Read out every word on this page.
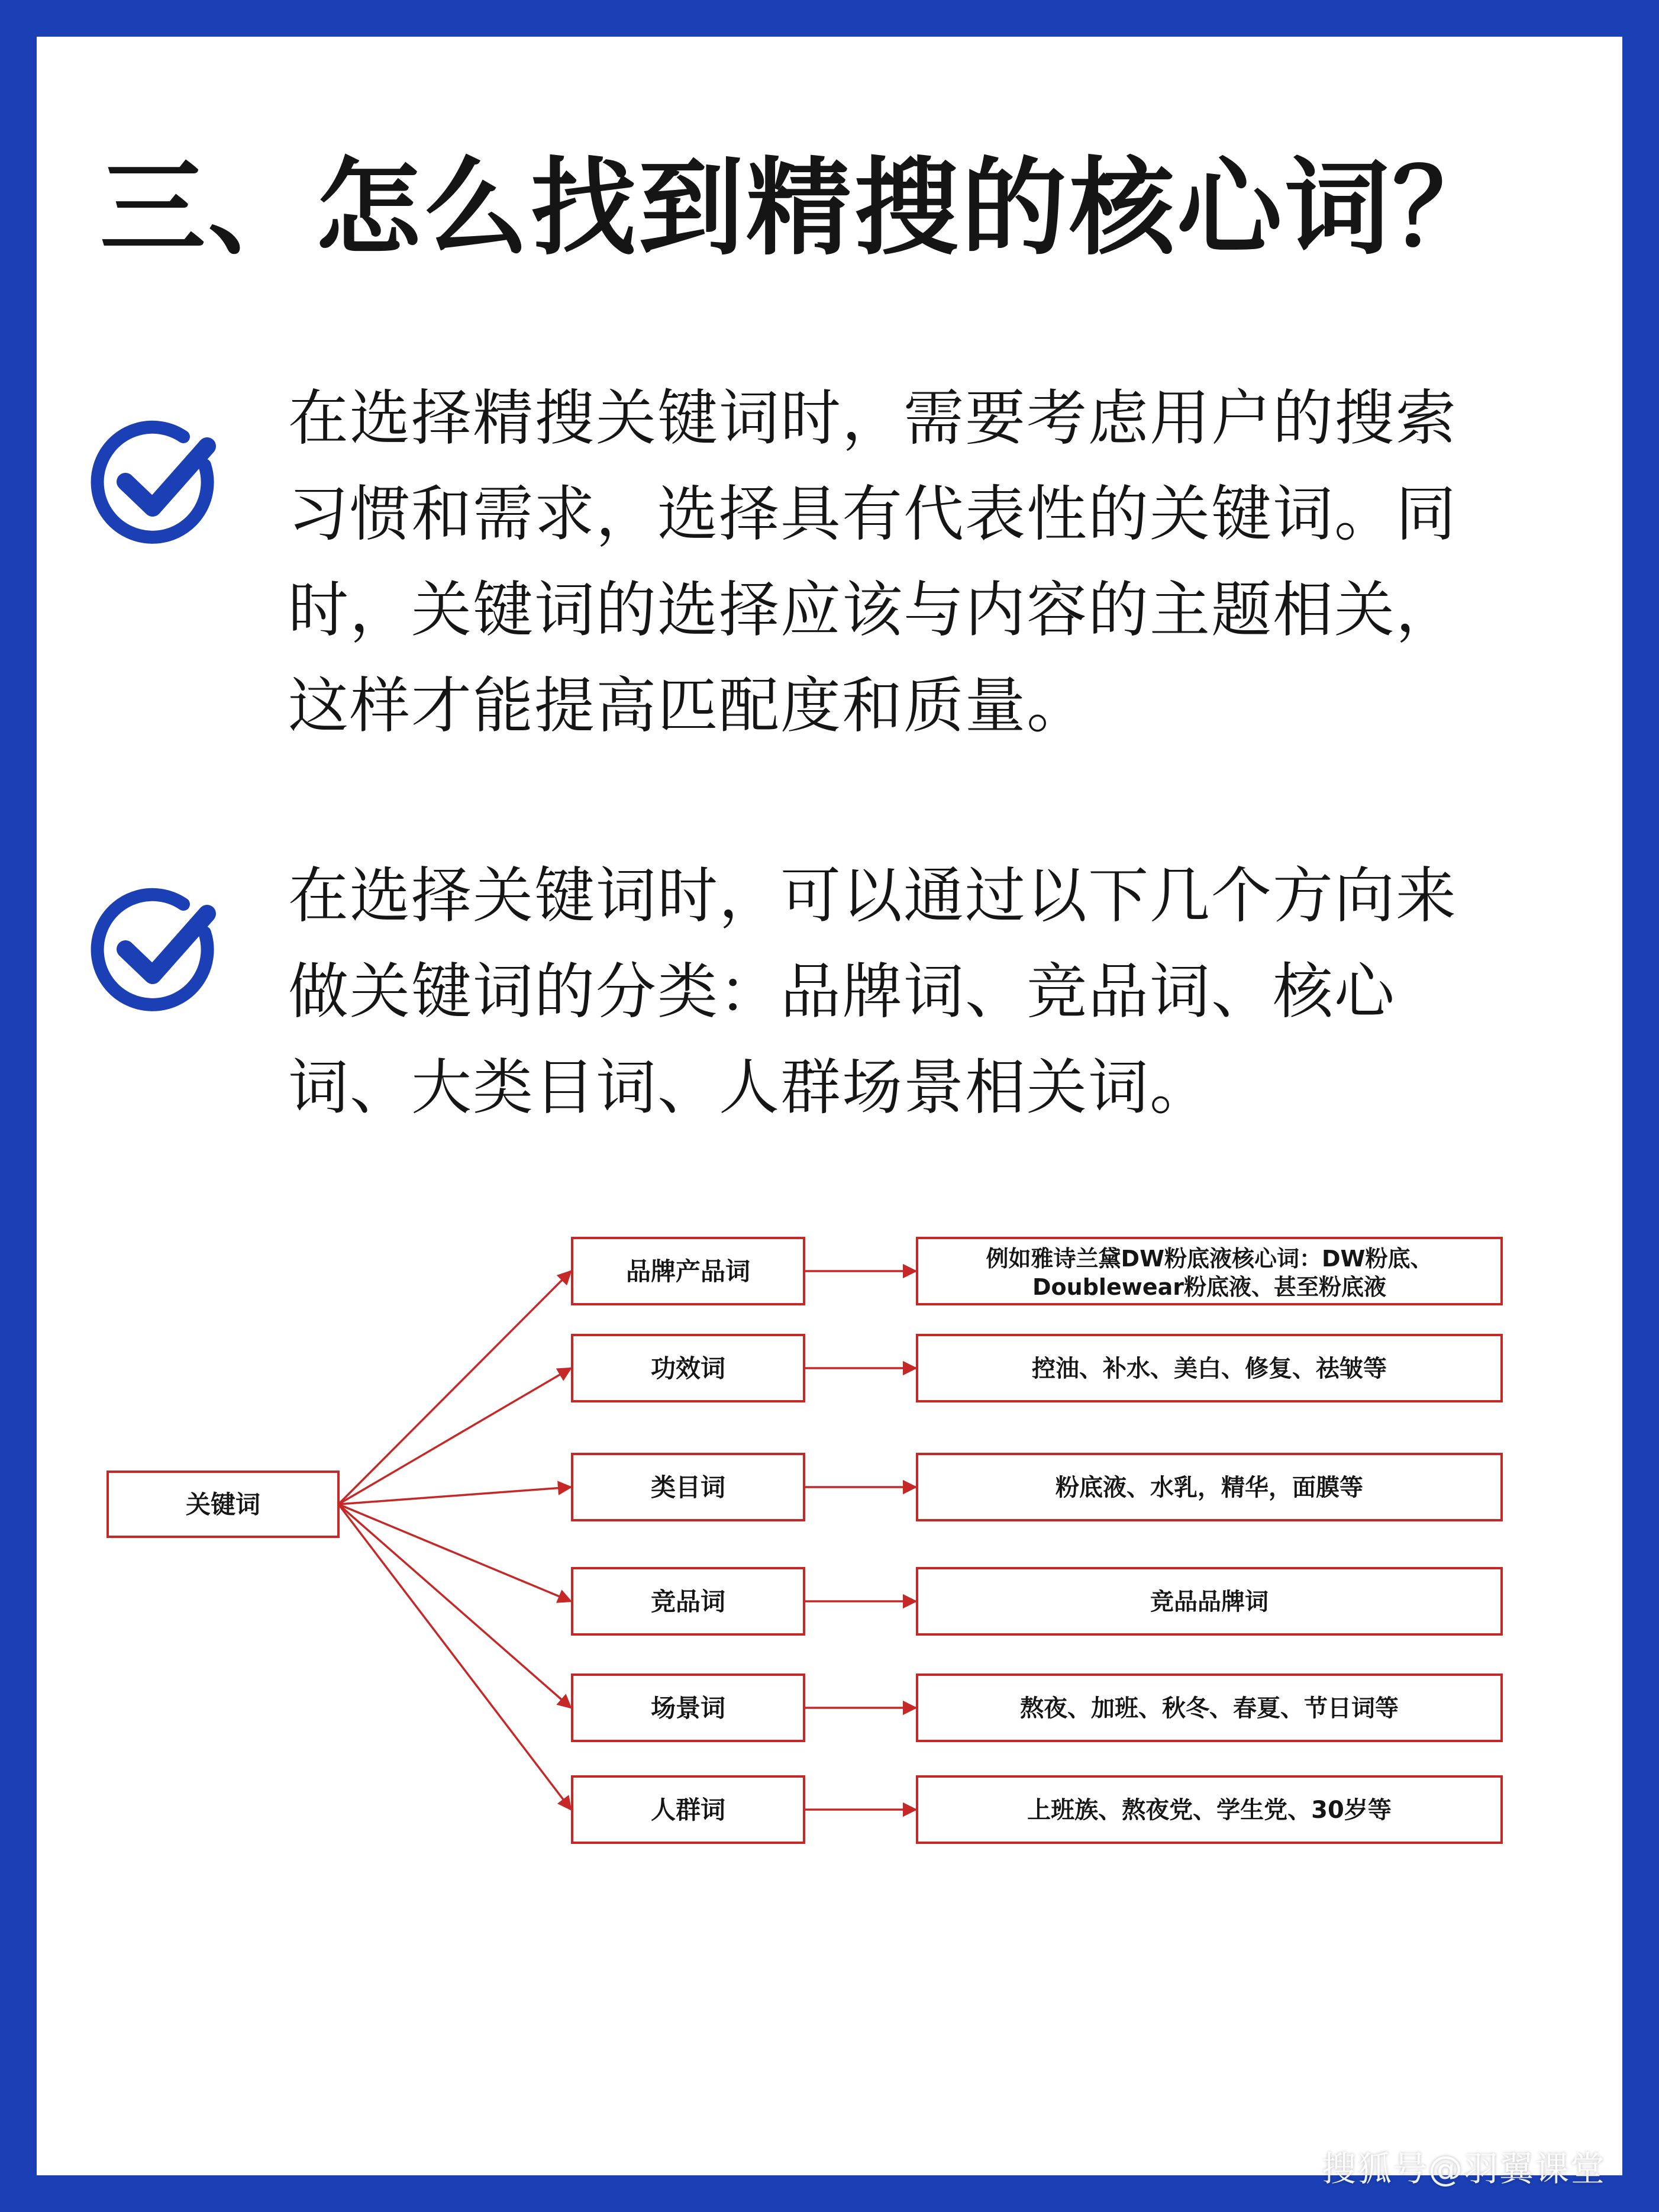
三、怎么找到精搜的核心词？
在选择精搜关键词时，需要考虑用户的搜索习惯和需求，选择具有代表性的关键词。同时，关键词的选择应该与内容的主题相关，这样才能提高匹配度和质量。
在选择关键词时，可以通过以下几个方向来做关键词的分类：品牌词、竞品词、核心词、大类目词、人群场景相关词。
关键词
品牌产品词	例如雅诗兰黛DW粉底液核心词：DW粉底、
Doublewear粉底液、甚至粉底液
功效词	控油、补水、美白、修复、祛皱等
类目词	粉底液、水乳，精华，面膜等
竞品词	竞品品牌词
场景词	熬夜、加班、秋冬、春夏、节日词等
人群词	上班族、熬夜党、学生党、30岁等
搜狐号@羽翼课堂
